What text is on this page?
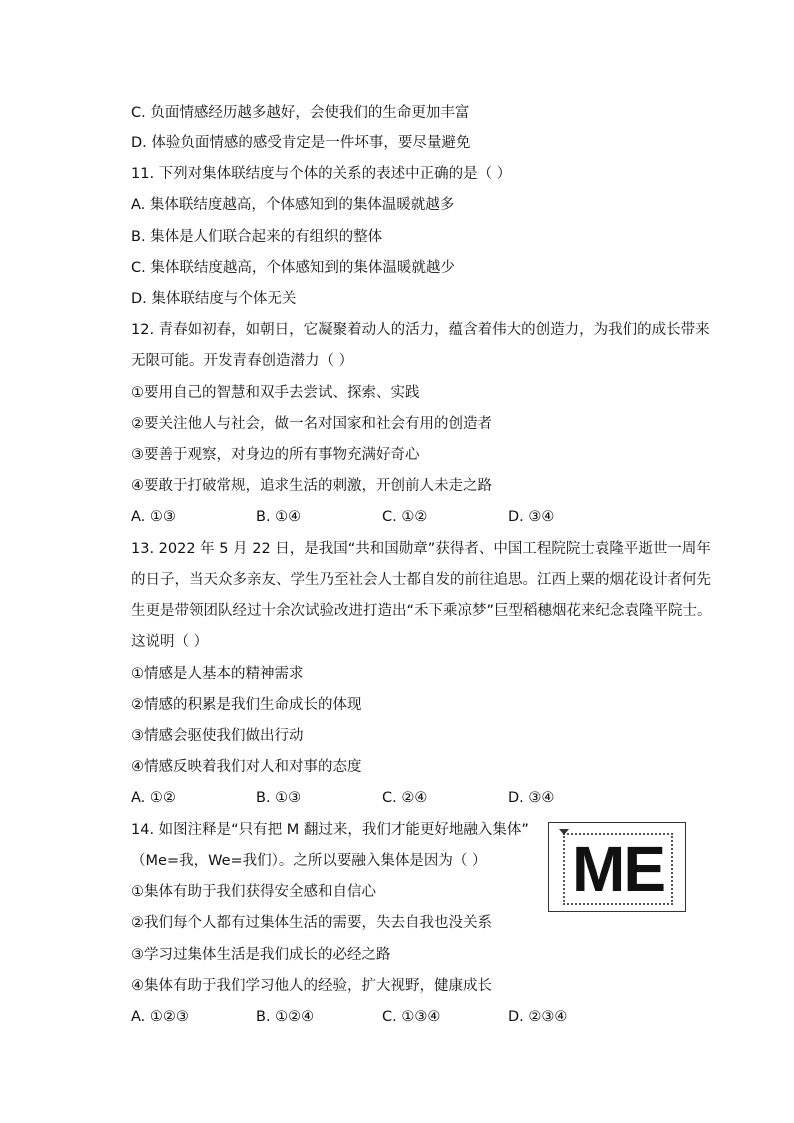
C. 负面情感经历越多越好，会使我们的生命更加丰富
D. 体验负面情感的感受肯定是一件坏事，要尽量避免
11. 下列对集体联结度与个体的关系的表述中正确的是（ ）
A. 集体联结度越高，个体感知到的集体温暖就越多
B. 集体是人们联合起来的有组织的整体
C. 集体联结度越高，个体感知到的集体温暖就越少
D. 集体联结度与个体无关
12. 青春如初春，如朝日，它凝聚着动人的活力，蕴含着伟大的创造力，为我们的成长带来
无限可能。开发青春创造潜力（ ）
①要用自己的智慧和双手去尝试、探索、实践
②要关注他人与社会，做一名对国家和社会有用的创造者
③要善于观察，对身边的所有事物充满好奇心
④要敢于打破常规，追求生活的刺激，开创前人未走之路
A. ①③	B. ①④	C. ①②	D. ③④
13. 2022 年 5 月 22 日，是我国“共和国勋章”获得者、中国工程院院士袁隆平逝世一周年
的日子，当天众多亲友、学生乃至社会人士都自发的前往追思。江西上粟的烟花设计者何先
生更是带领团队经过十余次试验改进打造出“禾下乘凉梦”巨型稻穗烟花来纪念袁隆平院士。
这说明（ ）
①情感是人基本的精神需求
②情感的积累是我们生命成长的体现
③情感会驱使我们做出行动
④情感反映着我们对人和对事的态度
A. ①②	B. ①③	C. ②④	D. ③④
14. 如图注释是“只有把 M 翻过来，我们才能更好地融入集体”
（Me=我，We=我们）。之所以要融入集体是因为（ ）
①集体有助于我们获得安全感和自信心
②我们每个人都有过集体生活的需要，失去自我也没关系
③学习过集体生活是我们成长的必经之路
④集体有助于我们学习他人的经验，扩大视野，健康成长
A. ①②③	B. ①②④	C. ①③④	D. ②③④
ME
